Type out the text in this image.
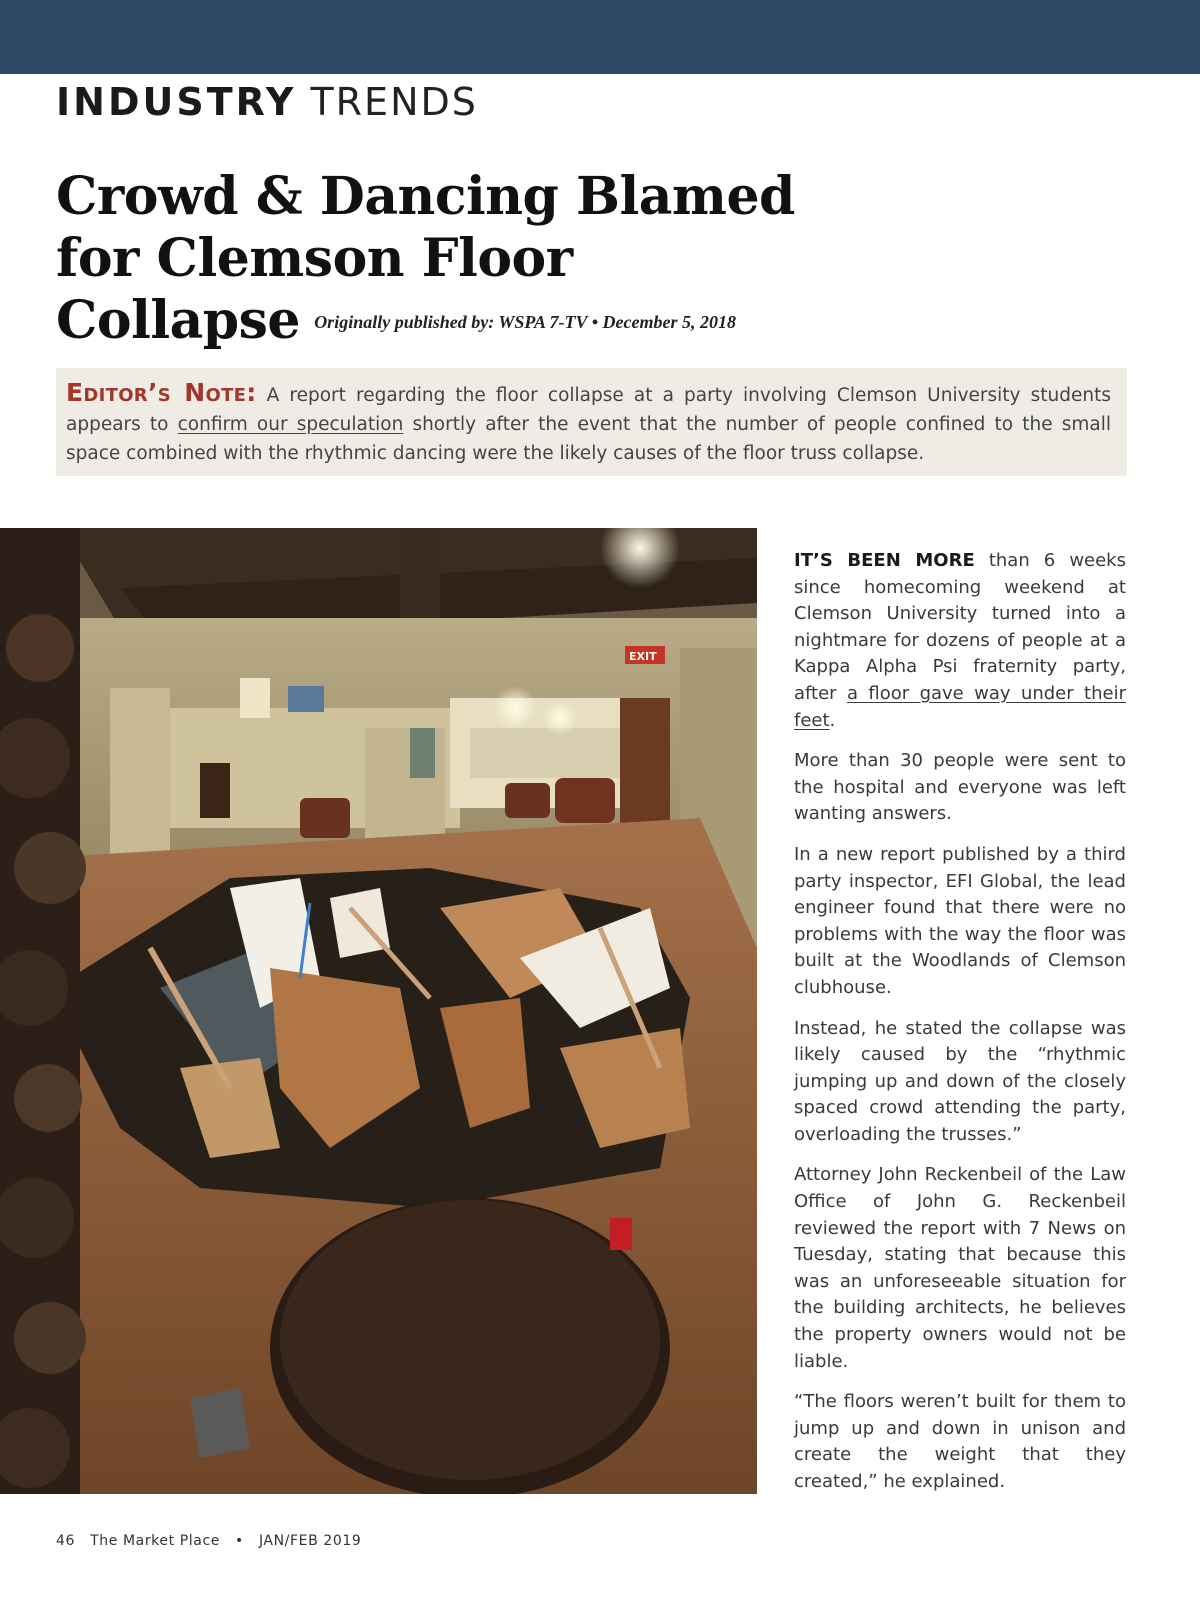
INDUSTRY TRENDS
Crowd & Dancing Blamed for Clemson Floor Collapse Originally published by: WSPA 7-TV • December 5, 2018
Editor’s Note: A report regarding the floor collapse at a party involving Clemson University students appears to confirm our speculation shortly after the event that the number of people confined to the small space combined with the rhythmic dancing were the likely causes of the floor truss collapse.
EXIT

IT’S BEEN MORE than 6 weeks since homecoming weekend at Clemson University turned into a nightmare for dozens of people at a Kappa Alpha Psi fraternity party, after a floor gave way under their feet.

More than 30 people were sent to the hospital and everyone was left wanting answers.

In a new report published by a third party inspector, EFI Global, the lead engineer found that there were no problems with the way the floor was built at the Woodlands of Clemson clubhouse.

Instead, he stated the collapse was likely caused by the “rhythmic jumping up and down of the closely spaced crowd attending the party, overloading the trusses.”

Attorney John Reckenbeil of the Law Office of John G. Reckenbeil reviewed the report with 7 News on Tuesday, stating that because this was an unforeseeable situation for the building architects, he believes the property owners would not be liable.

“The floors weren’t built for them to jump up and down in unison and create the weight that they created,” he explained.

46 The Market Place • JAN/FEB 2019
